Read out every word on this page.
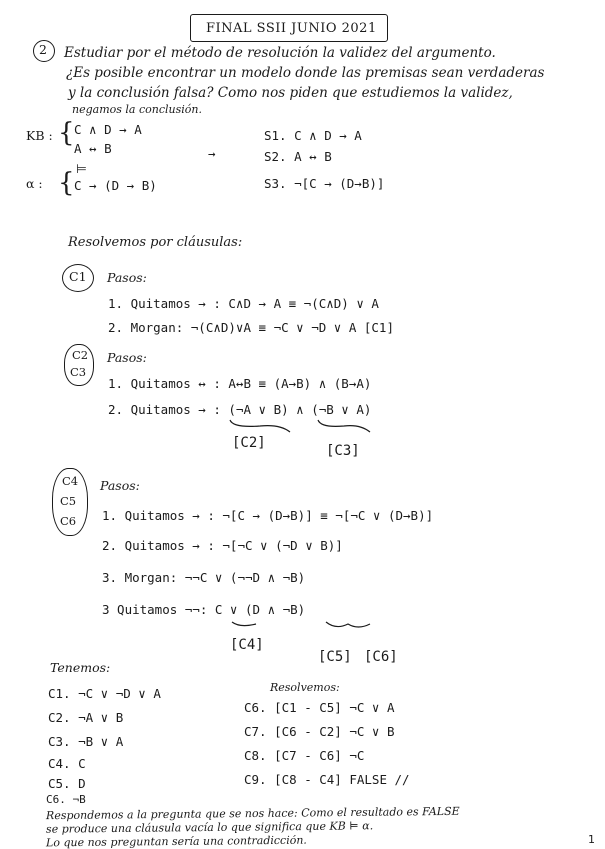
FINAL SSII JUNIO 2021
2 Estudiar por el método de resolución la validez del argumento.
¿Es posible encontrar un modelo donde las premisas sean verdaderas
y la conclusión falsa? Como nos piden que estudiemos la validez,
negamos la conclusión.
KB : { C ∧ D → A
A ↔ B
⊨
α : { C → (D → B)
→
S1. C ∧ D → A
S2. A ↔ B
S3. ¬[C → (D→B)]
Resolvemos por cláusulas:
C1 Pasos:
1. Quitamos → : C∧D → A ≡ ¬(C∧D) ∨ A
2. Morgan: ¬(C∧D)∨A ≡ ¬C ∨ ¬D ∨ A [C1]
C2
C3
Pasos:
1. Quitamos ↔ : A↔B ≡ (A→B) ∧ (B→A)
2. Quitamos → : (¬A ∨ B) ∧ (¬B ∨ A)
[C2]	[C3]
C4
C5
C6
Pasos:
1. Quitamos → : ¬[C → (D→B)] ≡ ¬[¬C ∨ (D→B)]
2. Quitamos → : ¬[¬C ∨ (¬D ∨ B)]
3. Morgan: ¬¬C ∨ (¬¬D ∧ ¬B)
3 Quitamos ¬¬: C ∨ (D ∧ ¬B)
[C4]
[C5] [C6]
Tenemos:
C1. ¬C ∨ ¬D ∨ A
C2. ¬A ∨ B
C3. ¬B ∨ A
C4. C
C5. D
C6. ¬B
Resolvemos:
C6. [C1 - C5] ¬C ∨ A
C7. [C6 - C2] ¬C ∨ B
C8. [C7 - C6] ¬C
C9. [C8 - C4] FALSE //
Respondemos a la pregunta que se nos hace: Como el resultado es FALSE
se produce una cláusula vacía lo que significa que KB ⊨ α.
Lo que nos preguntan sería una contradicción.	1
